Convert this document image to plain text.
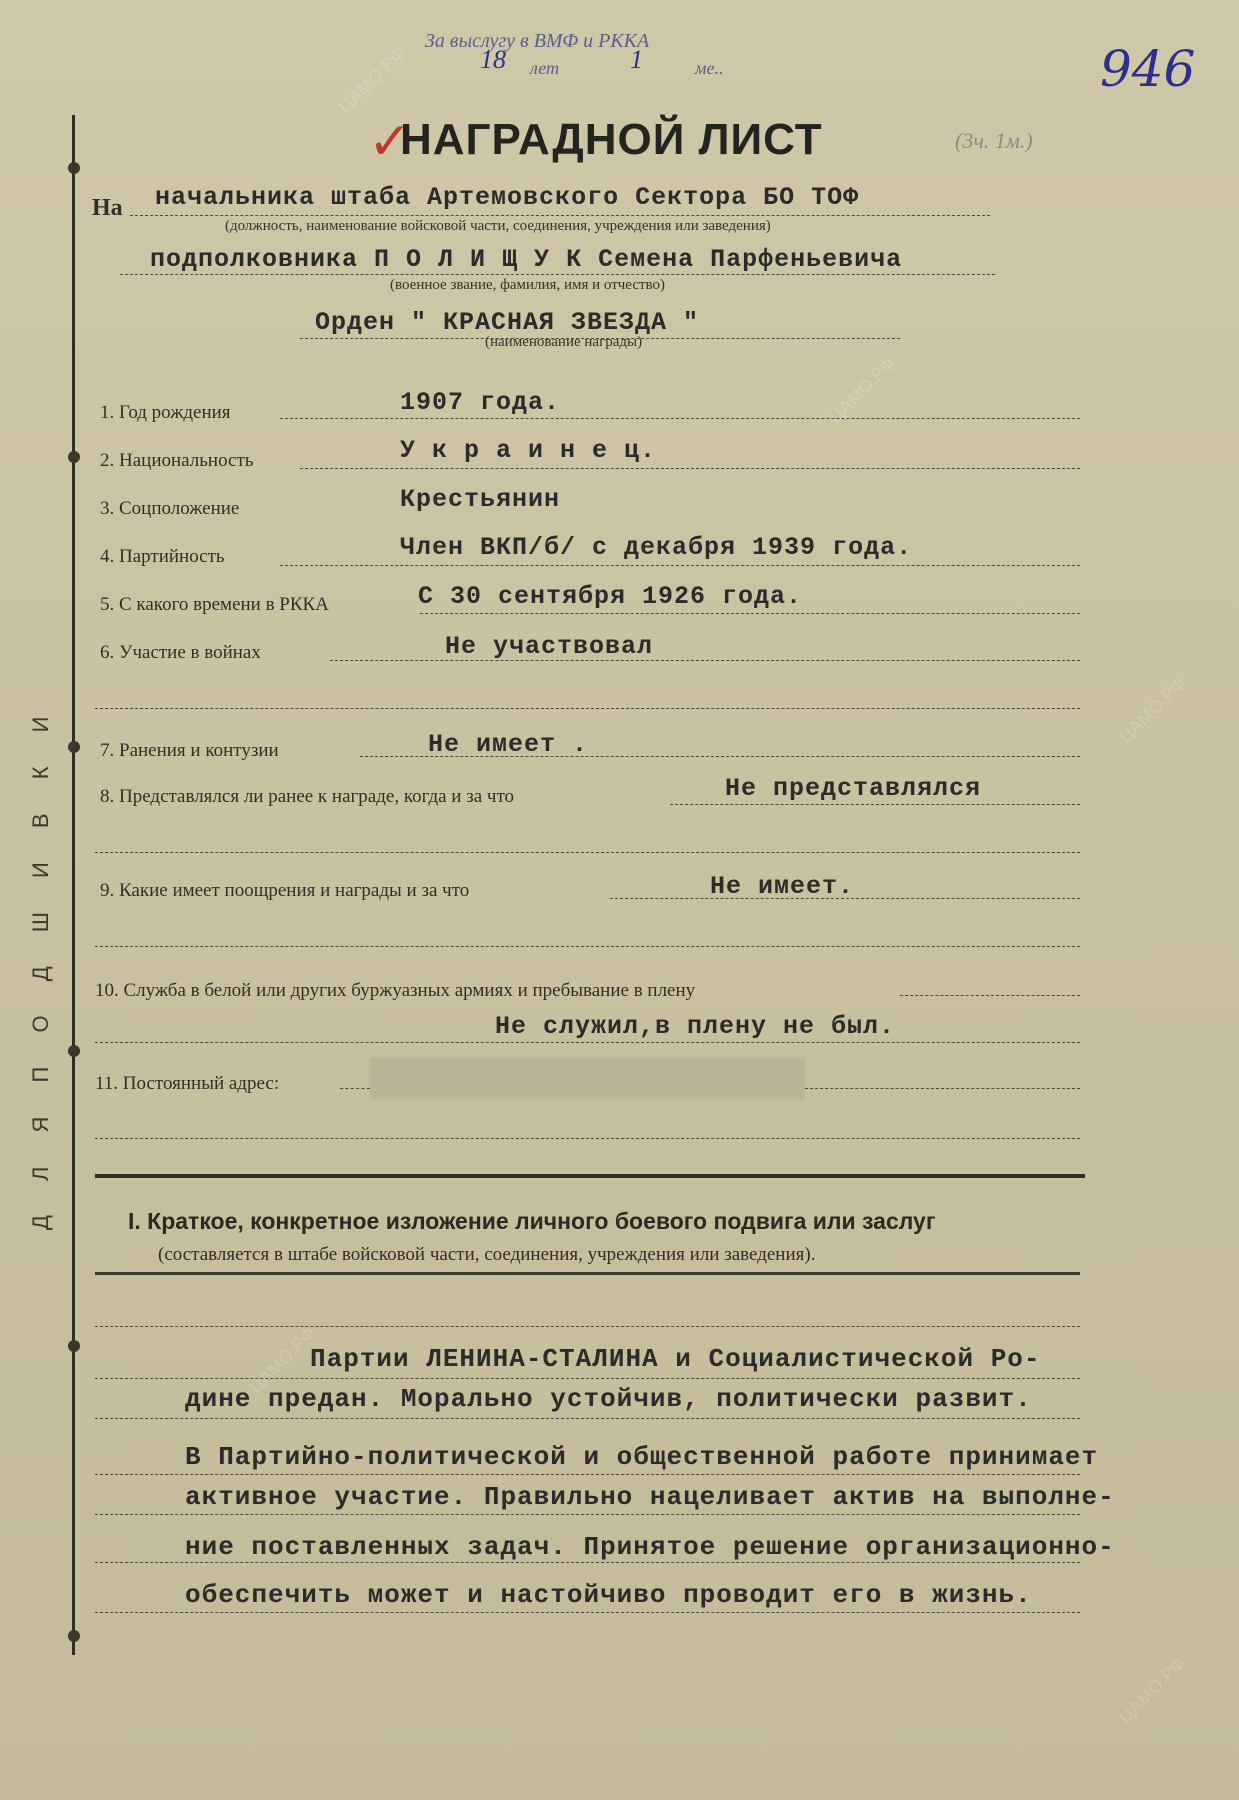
ЦАМО.РФ
ЦАМО.РФ
ЦАМО.РФ
ЦАМО.РФ
ЦАМО.РФ
Д Л Я П О Д Ш И В К И
За выслугу в ВМФ и РККА
18 лет	1	ме..	946
✓
НАГРАДНОЙ ЛИСТ	(3ч. 1м.)
На начальника штаба Артемовского Сектора БО ТОФ
(должность, наименование войсковой части, соединения, учреждения или заведения)
подполковника П О Л И Щ У К Семена Парфеньевича
(военное звание, фамилия, имя и отчество)
Орден " КРАСНАЯ ЗВЕЗДА "
(наименование награды)
1. Год рождения	1907 года.
2. Национальность	У к р а и н е ц.
3. Соцположение	Крестьянин
4. Партийность	Член ВКП/б/ с декабря 1939 года.
5. С какого времени в РККА	С 30 сентября 1926 года.
6. Участие в войнах	Не участвовал
7. Ранения и контузии	Не имеет .
8. Представлялся ли ранее к награде, когда и за что	Не представлялся
9. Какие имеет поощрения и награды и за что	Не имеет.
10. Служба в белой или других буржуазных армиях и пребывание в плену
Не служил,в плену не был.
11. Постоянный адрес:
I. Краткое, конкретное изложение личного боевого подвига или заслуг
(составляется в штабе войсковой части, соединения, учреждения или заведения).
Партии ЛЕНИНА-СТАЛИНА и Социалистической Ро-
дине предан. Морально устойчив, политически развит.
В Партийно-политической и общественной работе принимает
активное участие. Правильно нацеливает актив на выполне-
ние поставленных задач. Принятое решение организационно-
обеспечить может и настойчиво проводит его в жизнь.
